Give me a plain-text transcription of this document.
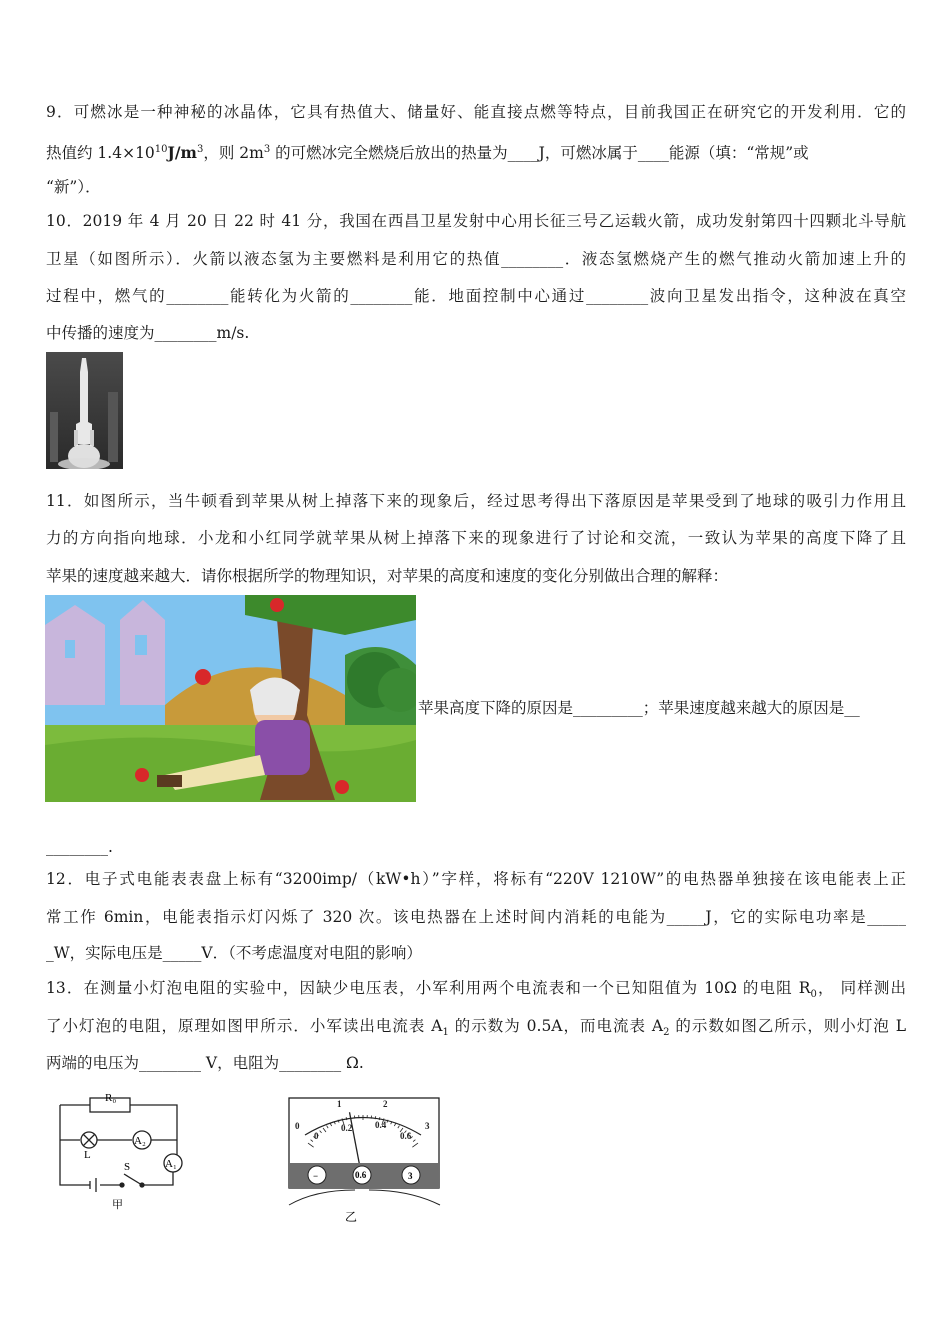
9．可燃冰是一种神秘的冰晶体，它具有热值大、储量好、能直接点燃等特点，目前我国正在研究它的开发利用．它的
热值约 $1.4\times 10^{10}J/m^3$，则 $2m^3$ 的可燃冰完全燃烧后放出的热量为____J，可燃冰属于____能源（填：“常规”或
“新”）．
10．2019 年 4 月 20 日 22 时 41 分，我国在西昌卫星发射中心用长征三号乙运载火箭，成功发射第四十四颗北斗导航
卫星（如图所示）．火箭以液态氢为主要燃料是利用它的热值________．液态氢燃烧产生的燃气推动火箭加速上升的
过程中，燃气的________能转化为火箭的________能．地面控制中心通过________波向卫星发出指令，这种波在真空
中传播的速度为________m/s.
11．如图所示，当牛顿看到苹果从树上掉落下来的现象后，经过思考得出下落原因是苹果受到了地球的吸引力作用且
力的方向指向地球．小龙和小红同学就苹果从树上掉落下来的现象进行了讨论和交流，一致认为苹果的高度下降了且
苹果的速度越来越大．请你根据所学的物理知识，对苹果的高度和速度的变化分别做出合理的解释：
苹果高度下降的原因是_________；苹果速度越来越大的原因是__
________.
12．电子式电能表表盘上标有“3200imp/（kW•h）”字样，将标有“220V 1210W”的电热器单独接在该电能表上正
常工作 6min，电能表指示灯闪烁了 320 次。该电热器在上述时间内消耗的电能为_____J，它的实际电功率是_____
_W，实际电压是_____V．（不考虑温度对电阻的影响）
13．在测量小灯泡电阻的实验中，因缺少电压表，小军利用两个电流表和一个已知阻值为 10Ω 的电阻 $R_0$， 同样测出
了小灯泡的电阻，原理如图甲所示．小军读出电流表 $A_1$ 的示数为 0.5A，而电流表 $A_2$ 的示数如图乙所示，则小灯泡 L
两端的电压为________ V，电阻为________ Ω.
R₀
A₂
A₁
L
S
甲
0
1	2
3
0
0.2	0.4
0.6
−	0.6	3
乙
